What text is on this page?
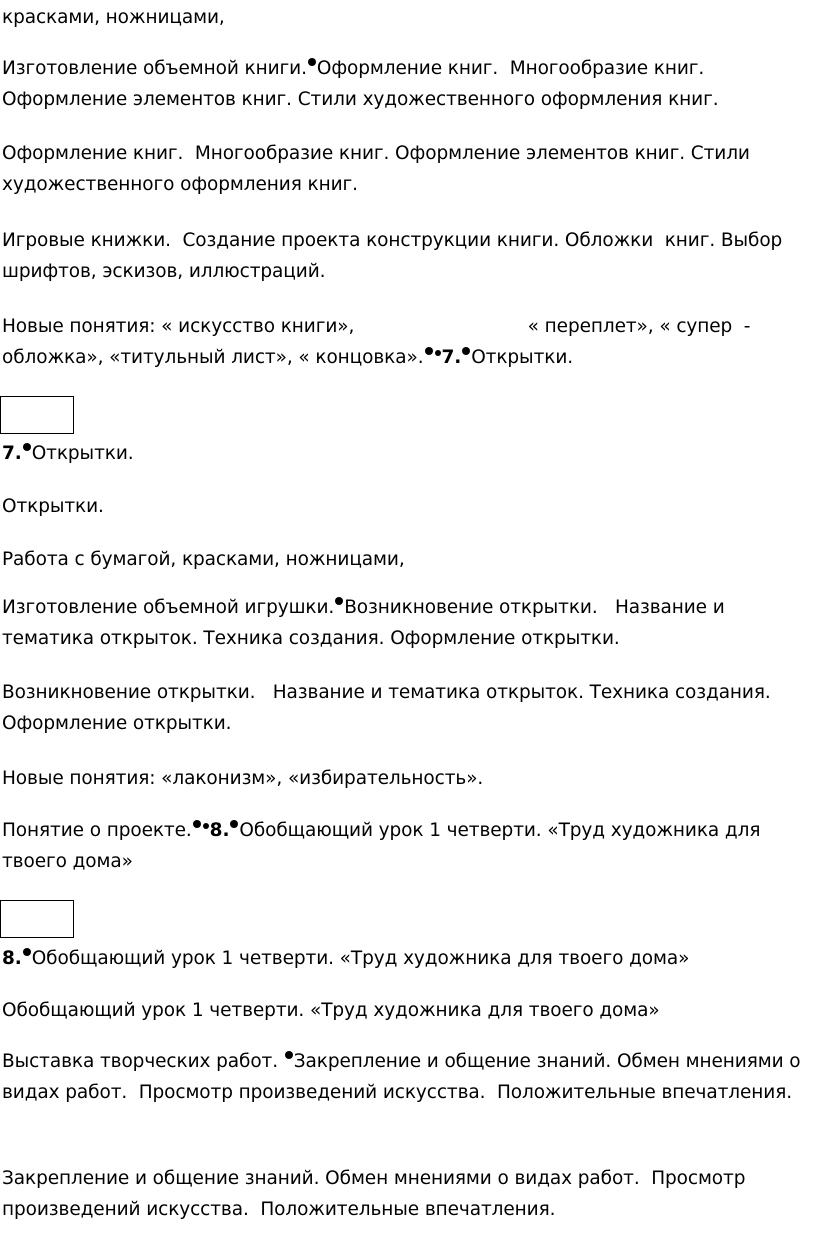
красками, ножницами,
Изготовление объемной книги. Оформление книг.  Многообразие книг. Оформление элементов книг. Стили художественного оформления книг.
Оформление книг.  Многообразие книг. Оформление элементов книг. Стили художественного оформления книг.
Игровые книжки.  Создание проекта конструкции книги. Обложки  книг. Выбор шрифтов, эскизов, иллюстраций.
Новые понятия: « искусство книги»,                              « переплет», « супер  - обложка», «титульный лист», « концовка». 7. Открытки.
7. Открытки.
Открытки.
Работа с бумагой, красками, ножницами,
Изготовление объемной игрушки. Возникновение открытки.   Название и тематика открыток. Техника создания. Оформление открытки.
Возникновение открытки.   Название и тематика открыток. Техника создания. Оформление открытки.
Новые понятия: «лаконизм», «избирательность».
Понятие о проекте. 8. Обобщающий урок 1 четверти. «Труд художника для твоего дома»
8. Обобщающий урок 1 четверти. «Труд художника для твоего дома»
Обобщающий урок 1 четверти. «Труд художника для твоего дома»
Выставка творческих работ. Закрепление и общение знаний. Обмен мнениями о видах работ.  Просмотр произведений искусства.  Положительные впечатления.
Закрепление и общение знаний. Обмен мнениями о видах работ.  Просмотр произведений искусства.  Положительные впечатления.
